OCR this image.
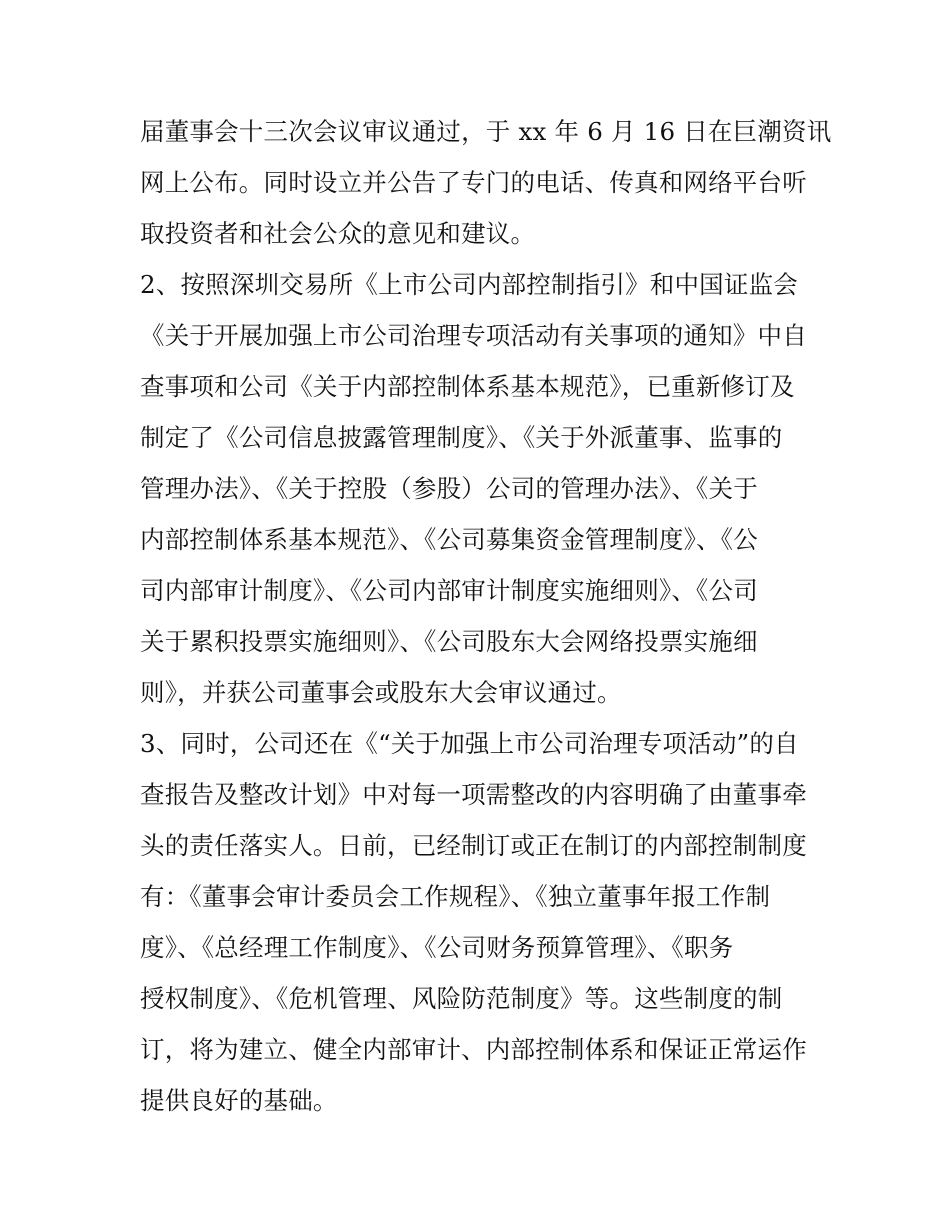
届董事会十三次会议审议通过，于 xx 年 6 月 16 日在巨潮资讯
网上公布。同时设立并公告了专门的电话、传真和网络平台听
取投资者和社会公众的意见和建议。
2、按照深圳交易所《上市公司内部控制指引》和中国证监会
《关于开展加强上市公司治理专项活动有关事项的通知》中自
查事项和公司《关于内部控制体系基本规范》，已重新修订及
制定了《公司信息披露管理制度》、《关于外派董事、监事的
管理办法》、《关于控股（参股）公司的管理办法》、《关于
内部控制体系基本规范》、《公司募集资金管理制度》、《公
司内部审计制度》、《公司内部审计制度实施细则》、《公司
关于累积投票实施细则》、《公司股东大会网络投票实施细
则》，并获公司董事会或股东大会审议通过。
3、同时，公司还在《“关于加强上市公司治理专项活动”的自
查报告及整改计划》中对每一项需整改的内容明确了由董事牵
头的责任落实人。日前，已经制订或正在制订的内部控制制度
有：《董事会审计委员会工作规程》、《独立董事年报工作制
度》、《总经理工作制度》、《公司财务预算管理》、《职务
授权制度》、《危机管理、风险防范制度》等。这些制度的制
订，将为建立、健全内部审计、内部控制体系和保证正常运作
提供良好的基础。
